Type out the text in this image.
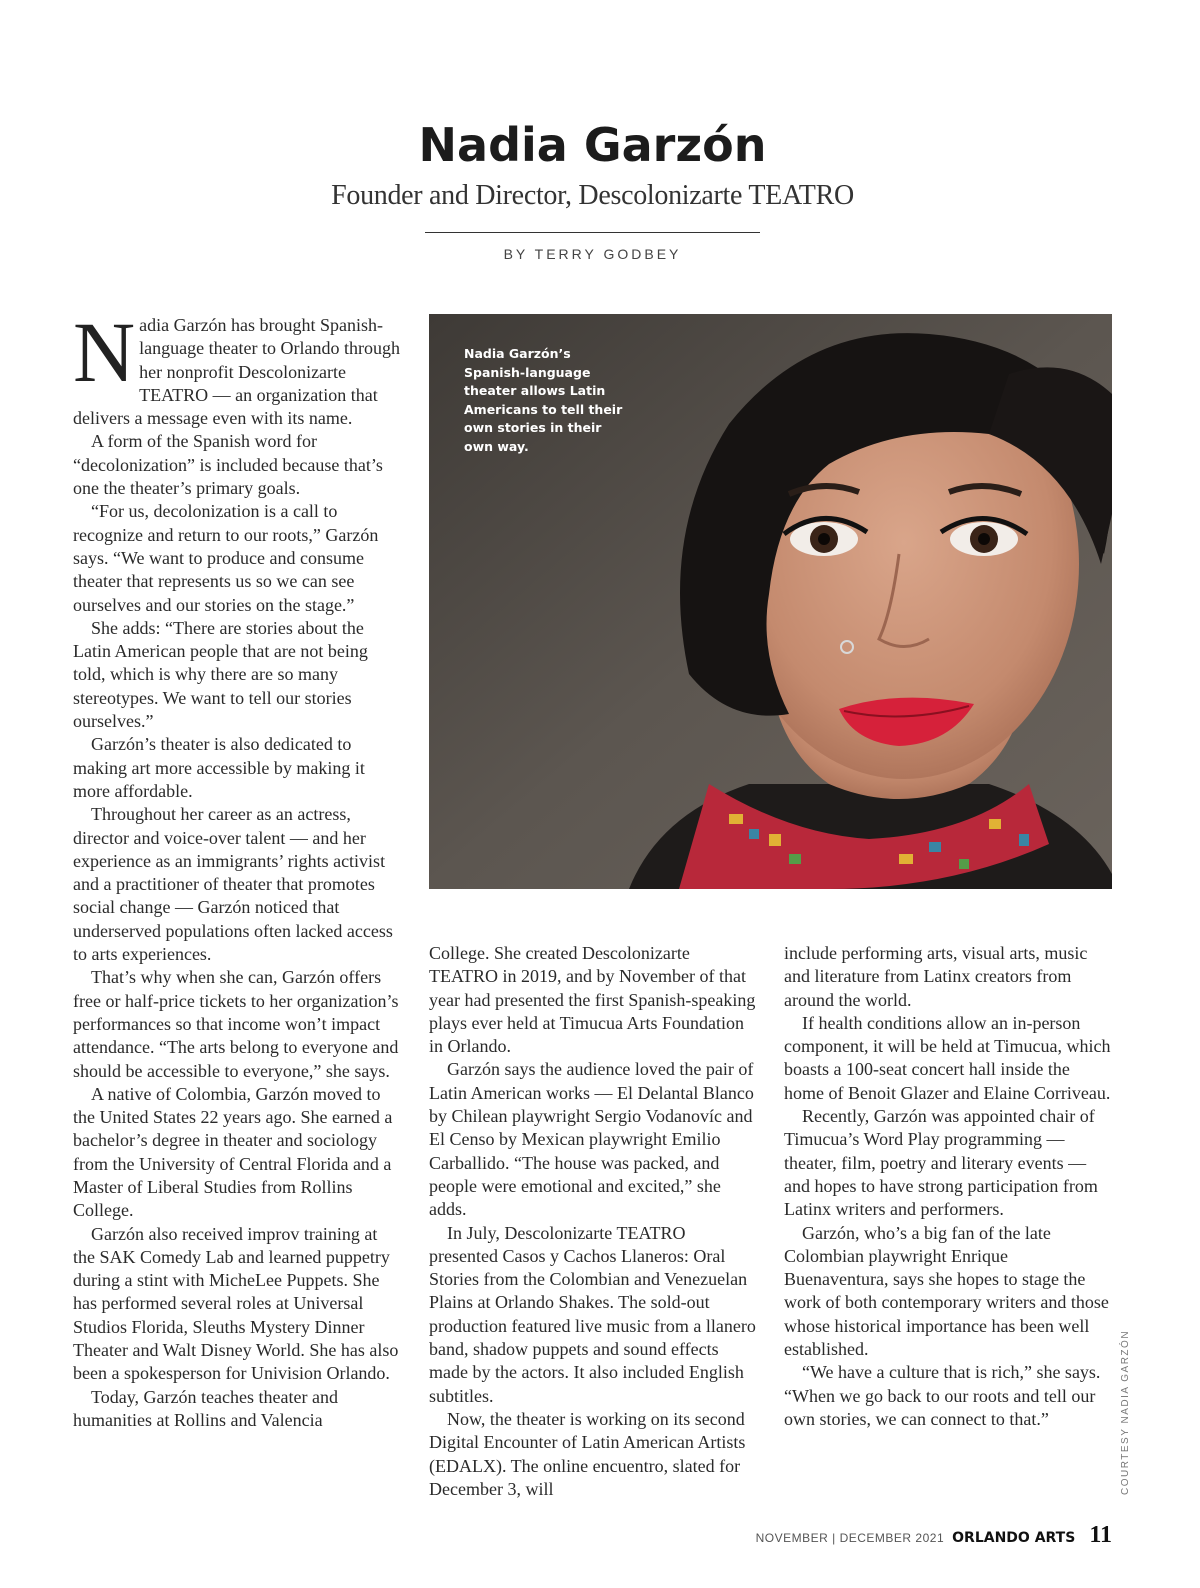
Nadia Garzón
Founder and Director, Descolonizarte TEATRO
BY TERRY GODBEY

Nadia Garzón has brought Spanish-language theater to Orlando through her nonprofit Descolonizarte TEATRO — an organization that delivers a message even with its name.

A form of the Spanish word for “decolonization” is included because that’s one the theater’s primary goals.

“For us, decolonization is a call to recognize and return to our roots,” Garzón says. “We want to produce and consume theater that represents us so we can see ourselves and our stories on the stage.”

She adds: “There are stories about the Latin American people that are not being told, which is why there are so many stereotypes. We want to tell our stories ourselves.”

Garzón’s theater is also dedicated to making art more accessible by making it more affordable.

Throughout her career as an actress, director and voice-over talent — and her experience as an immigrants’ rights activist and a practitioner of theater that promotes social change — Garzón noticed that underserved populations often lacked access to arts experiences.

That’s why when she can, Garzón offers free or half-price tickets to her organization’s performances so that income won’t impact attendance. “The arts belong to everyone and should be accessible to everyone,” she says.

A native of Colombia, Garzón moved to the United States 22 years ago. She earned a bachelor’s degree in theater and sociology from the University of Central Florida and a Master of Liberal Studies from Rollins College.

Garzón also received improv training at the SAK Comedy Lab and learned puppetry during a stint with MicheLee Puppets. She has performed several roles at Universal Studios Florida, Sleuths Mystery Dinner Theater and Walt Disney World. She has also been a spokesperson for Univision Orlando.

Today, Garzón teaches theater and humanities at Rollins and Valencia

Nadia Garzón’s Spanish-language theater allows Latin Americans to tell their own stories in their own way.

College. She created Descolonizarte TEATRO in 2019, and by November of that year had presented the first Spanish-speaking plays ever held at Timucua Arts Foundation in Orlando.

Garzón says the audience loved the pair of Latin American works — El Delantal Blanco by Chilean playwright Sergio Vodanovíc and El Censo by Mexican playwright Emilio Carballido. “The house was packed, and people were emotional and excited,” she adds.

In July, Descolonizarte TEATRO presented Casos y Cachos Llaneros: Oral Stories from the Colombian and Venezuelan Plains at Orlando Shakes. The sold-out production featured live music from a llanero band, shadow puppets and sound effects made by the actors. It also included English subtitles.

Now, the theater is working on its second Digital Encounter of Latin American Artists (EDALX). The online encuentro, slated for December 3, will

include performing arts, visual arts, music and literature from Latinx creators from around the world.

If health conditions allow an in-person component, it will be held at Timucua, which boasts a 100-seat concert hall inside the home of Benoit Glazer and Elaine Corriveau.

Recently, Garzón was appointed chair of Timucua’s Word Play programming — theater, film, poetry and literary events — and hopes to have strong participation from Latinx writers and performers.

Garzón, who’s a big fan of the late Colombian playwright Enrique Buenaventura, says she hopes to stage the work of both contemporary writers and those whose historical importance has been well established.

“We have a culture that is rich,” she says. “When we go back to our roots and tell our own stories, we can connect to that.”	COURTESY NADIA GARZÓN
NOVEMBER | DECEMBER 2021 ORLANDO ARTS 11
